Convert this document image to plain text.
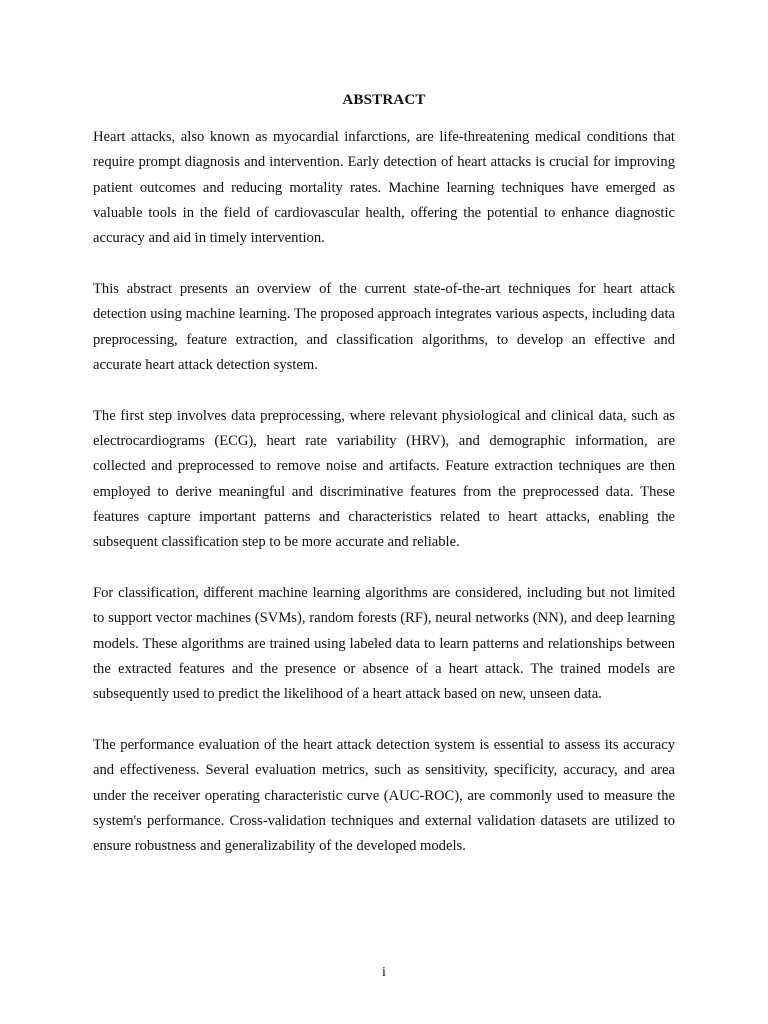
ABSTRACT

Heart attacks, also known as myocardial infarctions, are life-threatening medical conditions that require prompt diagnosis and intervention. Early detection of heart attacks is crucial for improving patient outcomes and reducing mortality rates. Machine learning techniques have emerged as valuable tools in the field of cardiovascular health, offering the potential to enhance diagnostic accuracy and aid in timely intervention.

This abstract presents an overview of the current state-of-the-art techniques for heart attack detection using machine learning. The proposed approach integrates various aspects, including data preprocessing, feature extraction, and classification algorithms, to develop an effective and accurate heart attack detection system.

The first step involves data preprocessing, where relevant physiological and clinical data, such as electrocardiograms (ECG), heart rate variability (HRV), and demographic information, are collected and preprocessed to remove noise and artifacts. Feature extraction techniques are then employed to derive meaningful and discriminative features from the preprocessed data. These features capture important patterns and characteristics related to heart attacks, enabling the subsequent classification step to be more accurate and reliable.

For classification, different machine learning algorithms are considered, including but not limited to support vector machines (SVMs), random forests (RF), neural networks (NN), and deep learning models. These algorithms are trained using labeled data to learn patterns and relationships between the extracted features and the presence or absence of a heart attack. The trained models are subsequently used to predict the likelihood of a heart attack based on new, unseen data.

The performance evaluation of the heart attack detection system is essential to assess its accuracy and effectiveness. Several evaluation metrics, such as sensitivity, specificity, accuracy, and area under the receiver operating characteristic curve (AUC-ROC), are commonly used to measure the system's performance. Cross-validation techniques and external validation datasets are utilized to ensure robustness and generalizability of the developed models.

i
